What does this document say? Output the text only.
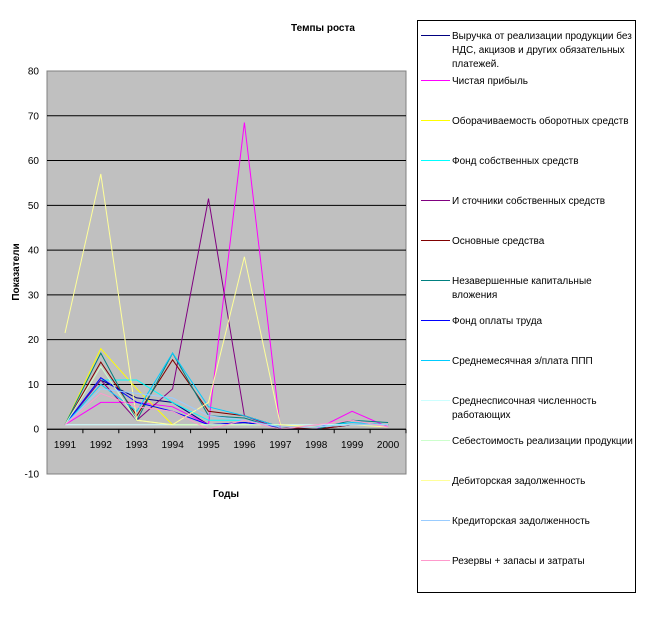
Темпы роста
-10
0
10
20
30
40
50
60
70
80
1991 1992 1993 1994 1995 1996 1997 1998 1999 2000
Годы
Показатели
Выручка от реализации продукции без НДС, акцизов и других обязательных платежей.
Чистая прибыль
Оборачиваемость оборотных средств
Фонд собственных средств
И сточники собственных средств
Основные средства
Незавершенные капитальные вложения
Фонд оплаты труда
Среднемесячная з/плата ППП
Среднесписочная численность работающих
Себестоимость реализации продукции
Дебиторская задолженность
Кредиторская задолженность
Резервы + запасы и затраты
